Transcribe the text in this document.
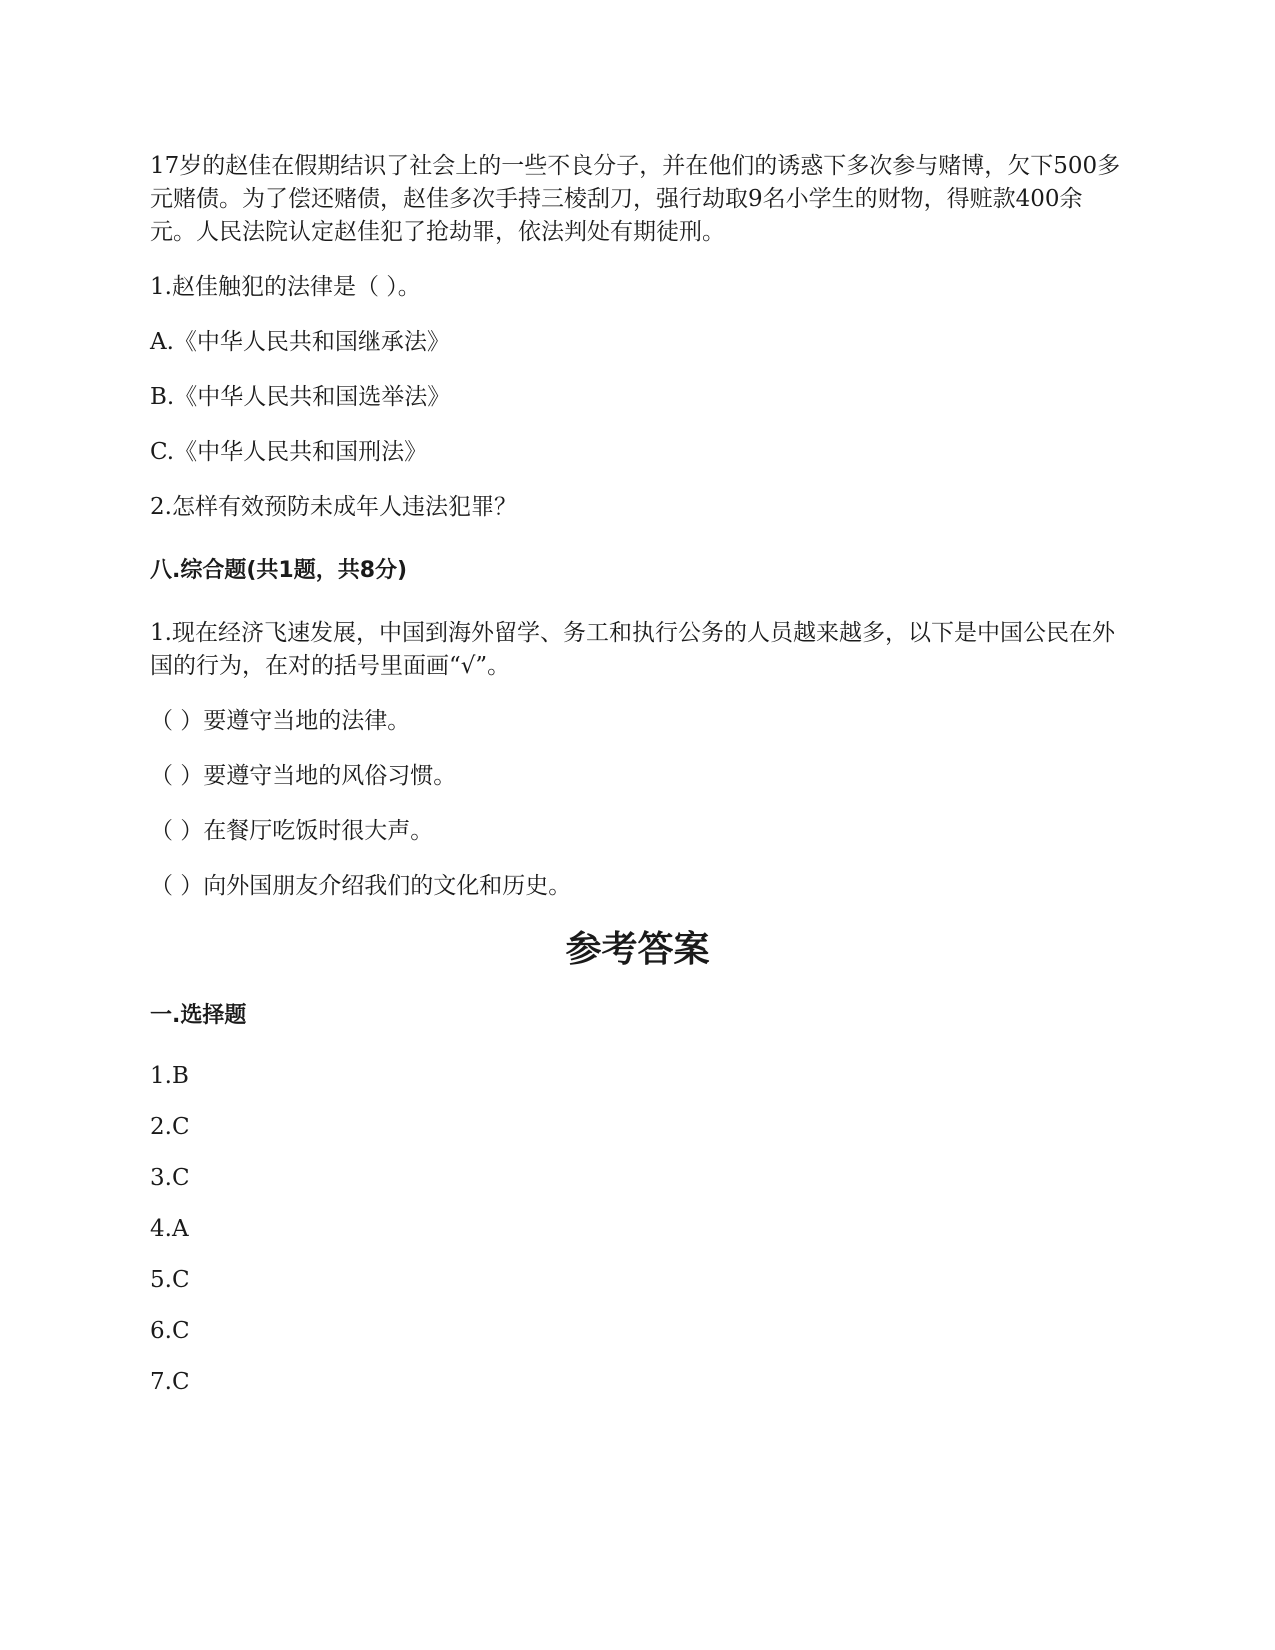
17岁的赵佳在假期结识了社会上的一些不良分子，并在他们的诱惑下多次参与赌博，欠下500多元赌债。为了偿还赌债，赵佳多次手持三棱刮刀，强行劫取9名小学生的财物，得赃款400余元。人民法院认定赵佳犯了抢劫罪，依法判处有期徒刑。

1.赵佳触犯的法律是（ ）。

A.《中华人民共和国继承法》

B.《中华人民共和国选举法》

C.《中华人民共和国刑法》

2.怎样有效预防未成年人违法犯罪？

八.综合题(共1题，共8分)

1.现在经济飞速发展，中国到海外留学、务工和执行公务的人员越来越多，以下是中国公民在外国的行为，在对的括号里面画“√”。

（ ）要遵守当地的法律。

（ ）要遵守当地的风俗习惯。

（ ）在餐厅吃饭时很大声。

（ ）向外国朋友介绍我们的文化和历史。

参考答案
一.选择题

1.B

2.C

3.C

4.A

5.C

6.C

7.C
